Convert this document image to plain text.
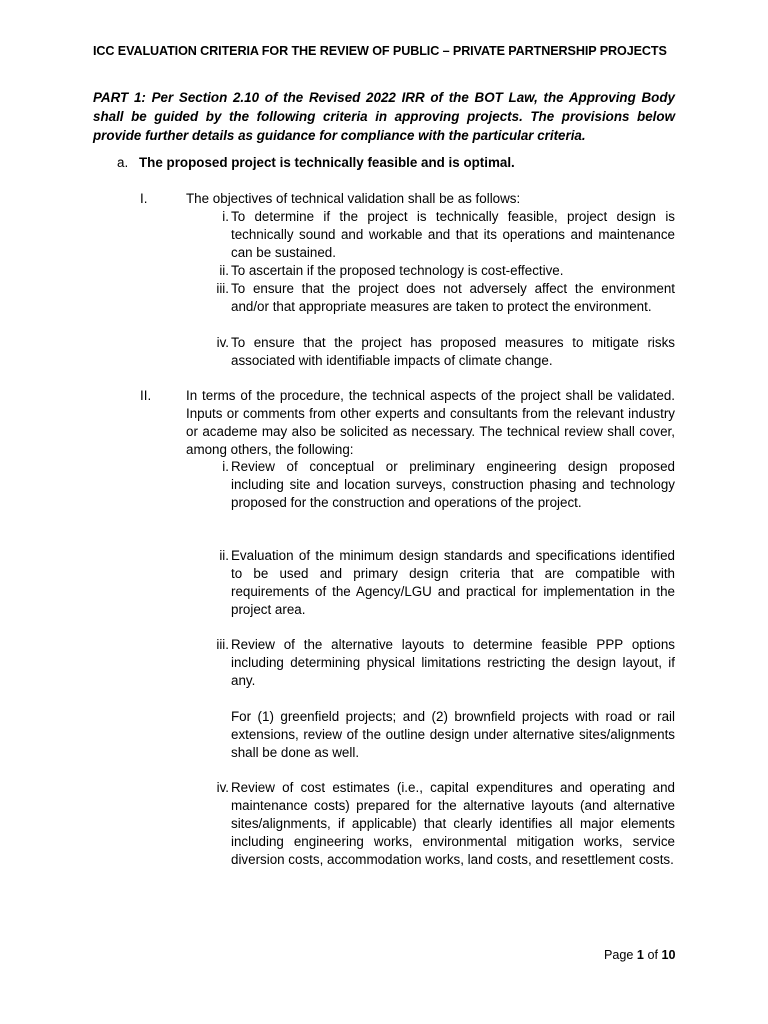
ICC EVALUATION CRITERIA FOR THE REVIEW OF PUBLIC – PRIVATE PARTNERSHIP PROJECTS
PART 1: Per Section 2.10 of the Revised 2022 IRR of the BOT Law, the Approving Body shall be guided by the following criteria in approving projects. The provisions below provide further details as guidance for compliance with the particular criteria.
a. The proposed project is technically feasible and is optimal.
I.	The objectives of technical validation shall be as follows:
i. To determine if the project is technically feasible, project design is technically sound and workable and that its operations and maintenance can be sustained.
ii. To ascertain if the proposed technology is cost-effective.
iii. To ensure that the project does not adversely affect the environment and/or that appropriate measures are taken to protect the environment.
iv. To ensure that the project has proposed measures to mitigate risks associated with identifiable impacts of climate change.
II.	In terms of the procedure, the technical aspects of the project shall be validated. Inputs or comments from other experts and consultants from the relevant industry or academe may also be solicited as necessary. The technical review shall cover, among others, the following:
i. Review of conceptual or preliminary engineering design proposed including site and location surveys, construction phasing and technology proposed for the construction and operations of the project.
ii. Evaluation of the minimum design standards and specifications identified to be used and primary design criteria that are compatible with requirements of the Agency/LGU and practical for implementation in the project area.
iii. Review of the alternative layouts to determine feasible PPP options including determining physical limitations restricting the design layout, if any.

For (1) greenfield projects; and (2) brownfield projects with road or rail extensions, review of the outline design under alternative sites/alignments shall be done as well.

iv. Review of cost estimates (i.e., capital expenditures and operating and maintenance costs) prepared for the alternative layouts (and alternative sites/alignments, if applicable) that clearly identifies all major elements including engineering works, environmental mitigation works, service diversion costs, accommodation works, land costs, and resettlement costs.
Page 1 of 10
